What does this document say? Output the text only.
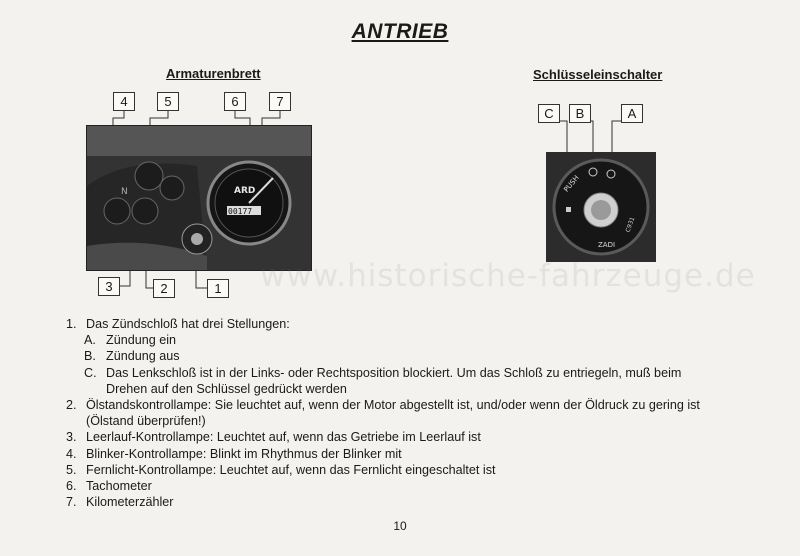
ANTRIEB
Armaturenbrett	Schlüsseleinschalter
4	5	6	7
3	2	1
C	B	A
N	ARD
00177
PUSH
ZADI
C931
www.historische-fahrzeuge.de
1. Das Zündschloß hat drei Stellungen:
A. Zündung ein
B. Zündung aus
C. Das Lenkschloß ist in der Links- oder Rechtsposition blockiert. Um das Schloß zu entriegeln, muß beim Drehen auf den Schlüssel gedrückt werden
2. Ölstandskontrollampe: Sie leuchtet auf, wenn der Motor abgestellt ist, und/oder wenn der Öldruck zu gering ist (Ölstand überprüfen!)
3. Leerlauf-Kontrollampe: Leuchtet auf, wenn das Getriebe im Leerlauf ist
4. Blinker-Kontrollampe: Blinkt im Rhythmus der Blinker mit
5. Fernlicht-Kontrollampe: Leuchtet auf, wenn das Fernlicht eingeschaltet ist
6. Tachometer
7. Kilometerzähler
10
